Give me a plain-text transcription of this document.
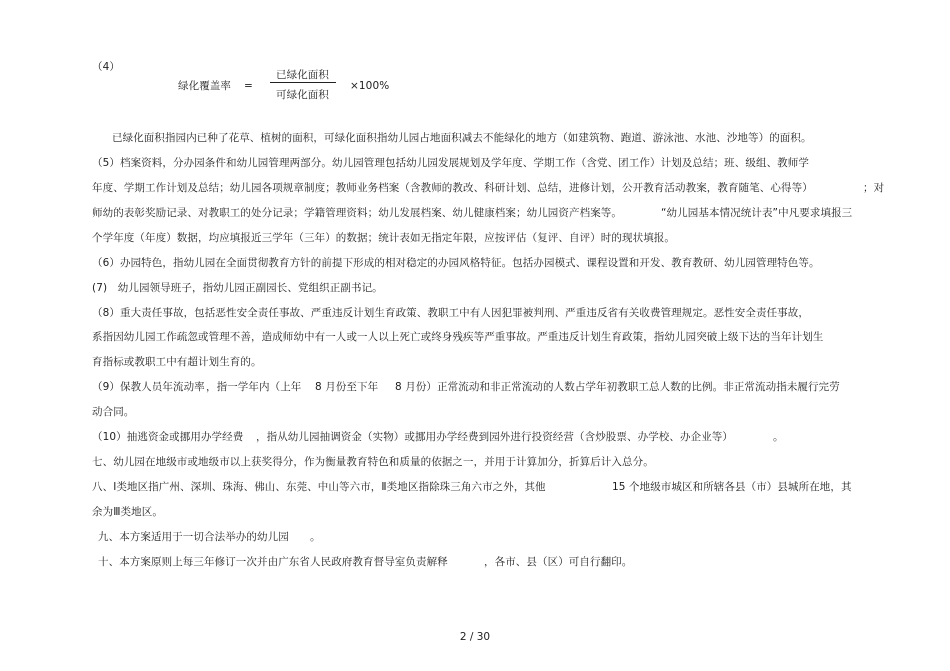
（4）
绿化覆盖率 =
已绿化面积
可绿化面积
×100%
已绿化面积指园内已种了花草、植树的面积，可绿化面积指幼儿园占地面积减去不能绿化的地方（如建筑物、跑道、游泳池、水池、沙地等）的面积。
（5）档案资料，分办园条件和幼儿园管理两部分。幼儿园管理包括幼儿园发展规划及学年度、学期工作（含党、团工作）计划及总结；班、级组、教师学
年度、学期工作计划及总结；幼儿园各项规章制度；教师业务档案（含教师的教改、科研计划、总结，进修计划，公开教育活动教案，教育随笔、心得等）	；对
师幼的表彰奖励记录、对教职工的处分记录；学籍管理资料；幼儿发展档案、幼儿健康档案；幼儿园资产档案等。	“幼儿园基本情况统计表”中凡要求填报三
个学年度（年度）数据，均应填报近三学年（三年）的数据；统计表如无指定年限，应按评估（复评、自评）时的现状填报。
（6）办园特色，指幼儿园在全面贯彻教育方针的前提下形成的相对稳定的办园风格特征。包括办园模式、课程设置和开发、教育教研、幼儿园管理特色等。
(7)　幼儿园领导班子，指幼儿园正副园长、党组织正副书记。
（8）重大责任事故，包括恶性安全责任事故、严重违反计划生育政策、教职工中有人因犯罪被判刑、严重违反省有关收费管理规定。恶性安全责任事故，
系指因幼儿园工作疏忽或管理不善，造成师幼中有一人或一人以上死亡或终身残疾等严重事故。严重违反计划生育政策，指幼儿园突破上级下达的当年计划生
育指标或教职工中有超计划生育的。
（9）保教人员年流动率 ，指一学年内（上年 8 月份至下年 8 月份）正常流动和非正常流动的人数占学年初教职工总人数的比例。非正常流动指未履行完劳
动合同。
（10）抽逃资金或挪用办学经费 ，指从幼儿园抽调资金（实物）或挪用办学经费到园外进行投资经营（含炒股票、办学校、办企业等）	。
七、幼儿园在地级市或地级市以上获奖得分，作为衡量教育特色和质量的依据之一，并用于计算加分，折算后计入总分。
八、Ⅰ类地区指广州、深圳、珠海、佛山、东莞、中山等六市，Ⅱ类地区指除珠三角六市之外，其他	15 个地级市城区和所辖各县（市）县城所在地，其
余为Ⅲ类地区。
九、本方案适用于一切合法举办的幼儿园 。
十、本方案原则上每三年修订一次并由广东省人民政府教育督导室负责解释	，各市、县（区）可自行翻印。
2 / 30
